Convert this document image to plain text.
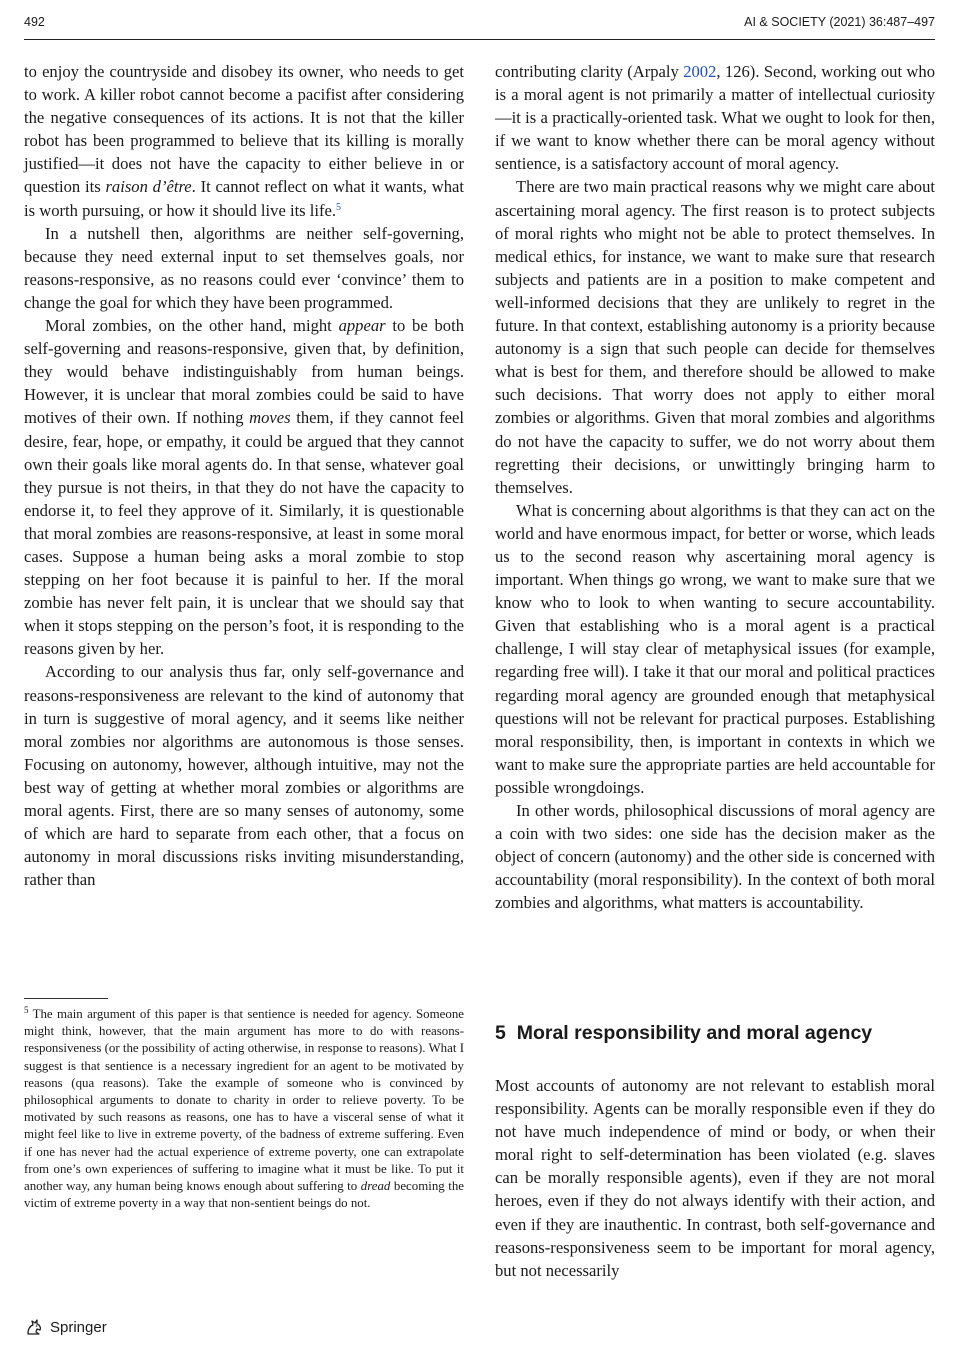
492	AI & SOCIETY (2021) 36:487–497

to enjoy the countryside and disobey its owner, who needs to get to work. A killer robot cannot become a pacifist after considering the negative consequences of its actions. It is not that the killer robot has been programmed to believe that its killing is morally justified—it does not have the capacity to either believe in or question its raison d’être. It cannot reflect on what it wants, what is worth pursuing, or how it should live its life.$^5$

In a nutshell then, algorithms are neither self-governing, because they need external input to set themselves goals, nor reasons-responsive, as no reasons could ever ‘convince’ them to change the goal for which they have been programmed.

Moral zombies, on the other hand, might appear to be both self-governing and reasons-responsive, given that, by definition, they would behave indistinguishably from human beings. However, it is unclear that moral zombies could be said to have motives of their own. If nothing moves them, if they cannot feel desire, fear, hope, or empathy, it could be argued that they cannot own their goals like moral agents do. In that sense, whatever goal they pursue is not theirs, in that they do not have the capacity to endorse it, to feel they approve of it. Similarly, it is questionable that moral zombies are reasons-responsive, at least in some moral cases. Suppose a human being asks a moral zombie to stop stepping on her foot because it is painful to her. If the moral zombie has never felt pain, it is unclear that we should say that when it stops stepping on the person’s foot, it is responding to the reasons given by her.

According to our analysis thus far, only self-governance and reasons-responsiveness are relevant to the kind of autonomy that in turn is suggestive of moral agency, and it seems like neither moral zombies nor algorithms are autonomous is those senses. Focusing on autonomy, however, although intuitive, may not the best way of getting at whether moral zombies or algorithms are moral agents. First, there are so many senses of autonomy, some of which are hard to separate from each other, that a focus on autonomy in moral discussions risks inviting misunderstanding, rather than

contributing clarity (Arpaly 2002, 126). Second, working out who is a moral agent is not primarily a matter of intellectual curiosity—it is a practically-oriented task. What we ought to look for then, if we want to know whether there can be moral agency without sentience, is a satisfactory account of moral agency.

There are two main practical reasons why we might care about ascertaining moral agency. The first reason is to protect subjects of moral rights who might not be able to protect themselves. In medical ethics, for instance, we want to make sure that research subjects and patients are in a position to make competent and well-informed decisions that they are unlikely to regret in the future. In that context, establishing autonomy is a priority because autonomy is a sign that such people can decide for themselves what is best for them, and therefore should be allowed to make such decisions. That worry does not apply to either moral zombies or algorithms. Given that moral zombies and algorithms do not have the capacity to suffer, we do not worry about them regretting their decisions, or unwittingly bringing harm to themselves.

What is concerning about algorithms is that they can act on the world and have enormous impact, for better or worse, which leads us to the second reason why ascertaining moral agency is important. When things go wrong, we want to make sure that we know who to look to when wanting to secure accountability. Given that establishing who is a moral agent is a practical challenge, I will stay clear of metaphysical issues (for example, regarding free will). I take it that our moral and political practices regarding moral agency are grounded enough that metaphysical questions will not be relevant for practical purposes. Establishing moral responsibility, then, is important in contexts in which we want to make sure the appropriate parties are held accountable for possible wrongdoings.

In other words, philosophical discussions of moral agency are a coin with two sides: one side has the decision maker as the object of concern (autonomy) and the other side is concerned with accountability (moral responsibility). In the context of both moral zombies and algorithms, what matters is accountability.

$^5$ The main argument of this paper is that sentience is needed for agency. Someone might think, however, that the main argument has more to do with reasons-responsiveness (or the possibility of acting otherwise, in response to reasons). What I suggest is that sentience is a necessary ingredient for an agent to be motivated by reasons (qua reasons). Take the example of someone who is convinced by philosophical arguments to donate to charity in order to relieve poverty. To be motivated by such reasons as reasons, one has to have a visceral sense of what it might feel like to live in extreme poverty, of the badness of extreme suffering. Even if one has never had the actual experience of extreme poverty, one can extrapolate from one’s own experiences of suffering to imagine what it must be like. To put it another way, any human being knows enough about suffering to dread becoming the victim of extreme poverty in a way that non-sentient beings do not.
5 Moral responsibility and moral agency

Most accounts of autonomy are not relevant to establish moral responsibility. Agents can be morally responsible even if they do not have much independence of mind or body, or when their moral right to self-determination has been violated (e.g. slaves can be morally responsible agents), even if they are not moral heroes, even if they do not always identify with their action, and even if they are inauthentic. In contrast, both self-governance and reasons-responsiveness seem to be important for moral agency, but not necessarily

Springer
